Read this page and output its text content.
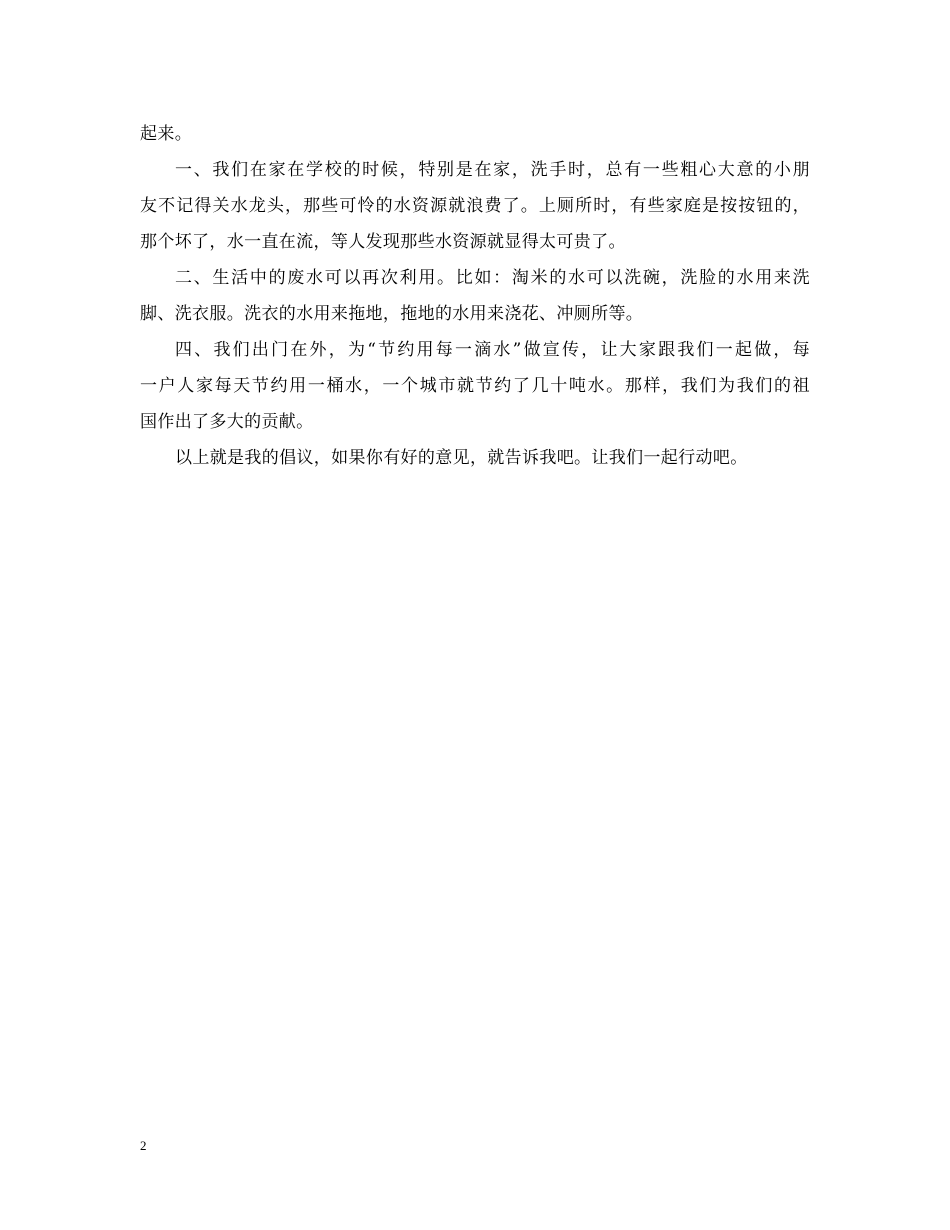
起来。
一、我们在家在学校的时候，特别是在家，洗手时，总有一些粗心大意的小朋
友不记得关水龙头，那些可怜的水资源就浪费了。上厕所时，有些家庭是按按钮的，
那个坏了，水一直在流，等人发现那些水资源就显得太可贵了。
二、生活中的废水可以再次利用。比如：淘米的水可以洗碗，洗脸的水用来洗
脚、洗衣服。洗衣的水用来拖地，拖地的水用来浇花、冲厕所等。
四、我们出门在外，为“节约用每一滴水”做宣传，让大家跟我们一起做，每
一户人家每天节约用一桶水，一个城市就节约了几十吨水。那样，我们为我们的祖
国作出了多大的贡献。
以上就是我的倡议，如果你有好的意见，就告诉我吧。让我们一起行动吧。
2
